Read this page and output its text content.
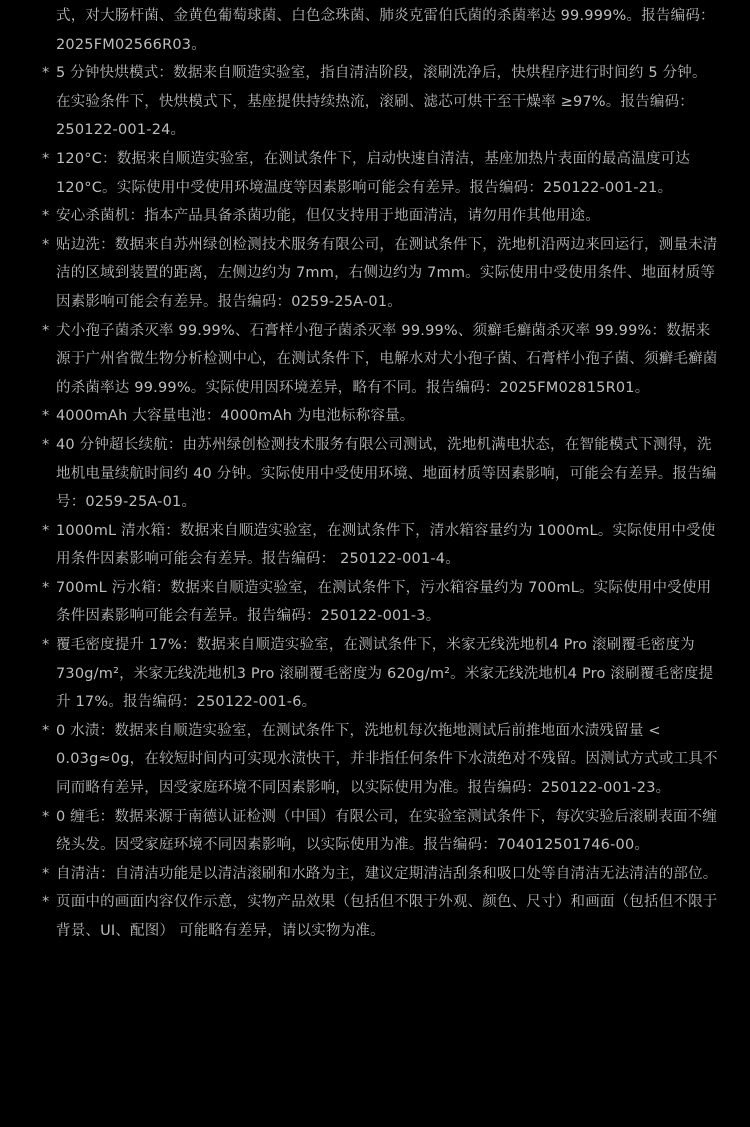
式，对大肠杆菌、金黄色葡萄球菌、白色念珠菌、肺炎克雷伯氏菌的杀菌率达 99.999%。报告编码：2025FM02566R03。

* 5 分钟快烘模式：数据来自顺造实验室，指自清洁阶段，滚刷洗净后，快烘程序进行时间约 5 分钟。在实验条件下，快烘模式下，基座提供持续热流，滚刷、滤芯可烘干至干燥率 ≥97%。报告编码：250122-001-24。
* 120°C：数据来自顺造实验室，在测试条件下，启动快速自清洁，基座加热片表面的最高温度可达 120°C。实际使用中受使用环境温度等因素影响可能会有差异。报告编码：250122-001-21。
* 安心杀菌机：指本产品具备杀菌功能，但仅支持用于地面清洁，请勿用作其他用途。
* 贴边洗：数据来自苏州绿创检测技术服务有限公司，在测试条件下，洗地机沿两边来回运行，测量未清洁的区域到装置的距离，左侧边约为 7mm，右侧边约为 7mm。实际使用中受使用条件、地面材质等因素影响可能会有差异。报告编码：0259-25A-01。
* 犬小孢子菌杀灭率 99.99%、石膏样小孢子菌杀灭率 99.99%、须癣毛癣菌杀灭率 99.99%：数据来源于广州省微生物分析检测中心，在测试条件下，电解水对犬小孢子菌、石膏样小孢子菌、须癣毛癣菌的杀菌率达 99.99%。实际使用因环境差异，略有不同。报告编码：2025FM02815R01。
* 4000mAh 大容量电池：4000mAh 为电池标称容量。
* 40 分钟超长续航：由苏州绿创检测技术服务有限公司测试，洗地机满电状态，在智能模式下测得，洗地机电量续航时间约 40 分钟。实际使用中受使用环境、地面材质等因素影响，可能会有差异。报告编号：0259-25A-01。
* 1000mL 清水箱：数据来自顺造实验室，在测试条件下，清水箱容量约为 1000mL。实际使用中受使用条件因素影响可能会有差异。报告编码： 250122-001-4。
* 700mL 污水箱：数据来自顺造实验室，在测试条件下，污水箱容量约为 700mL。实际使用中受使用条件因素影响可能会有差异。报告编码：250122-001-3。
* 覆毛密度提升 17%：数据来自顺造实验室，在测试条件下，米家无线洗地机4 Pro 滚刷覆毛密度为 730g/m²，米家无线洗地机3 Pro 滚刷覆毛密度为 620g/m²。米家无线洗地机4 Pro 滚刷覆毛密度提升 17%。报告编码：250122-001-6。
* 0 水渍：数据来自顺造实验室，在测试条件下，洗地机每次拖地测试后前推地面水渍残留量 < 0.03g≈0g，在较短时间内可实现水渍快干，并非指任何条件下水渍绝对不残留。因测试方式或工具不同而略有差异，因受家庭环境不同因素影响，以实际使用为准。报告编码：250122-001-23。
* 0 缠毛：数据来源于南德认证检测（中国）有限公司，在实验室测试条件下，每次实验后滚刷表面不缠绕头发。因受家庭环境不同因素影响，以实际使用为准。报告编码：704012501746-00。
* 自清洁：自清洁功能是以清洁滚刷和水路为主，建议定期清洁刮条和吸口处等自清洁无法清洁的部位。
* 页面中的画面内容仅作示意，实物产品效果（包括但不限于外观、颜色、尺寸）和画面（包括但不限于背景、UI、配图） 可能略有差异，请以实物为准。
